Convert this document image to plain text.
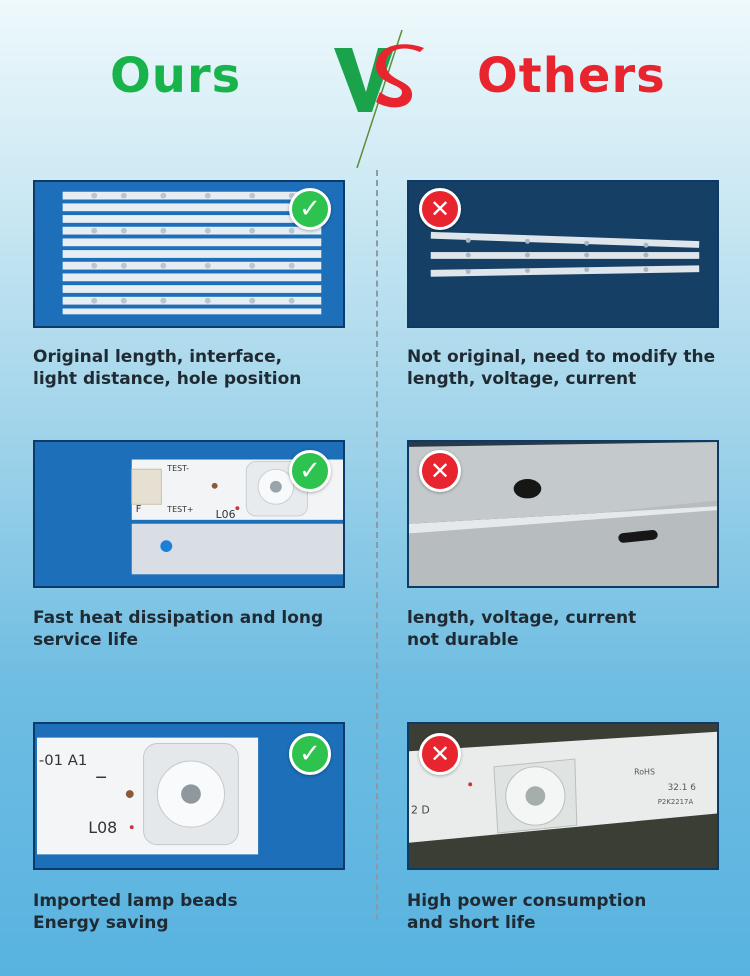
Ours	Others
✓	✕

Original length, interface,
light distance, hole position

Not original, need to modify the
length, voltage, current

TEST-
TEST+
F	L06
✓	✕

Fast heat dissipation and long
service life

length, voltage, current
not durable

-01 A1
L08
✓
RoHS
32.1 6
P2K2217A
2 D
✕

Imported lamp beads
Energy saving

High power consumption
and short life
